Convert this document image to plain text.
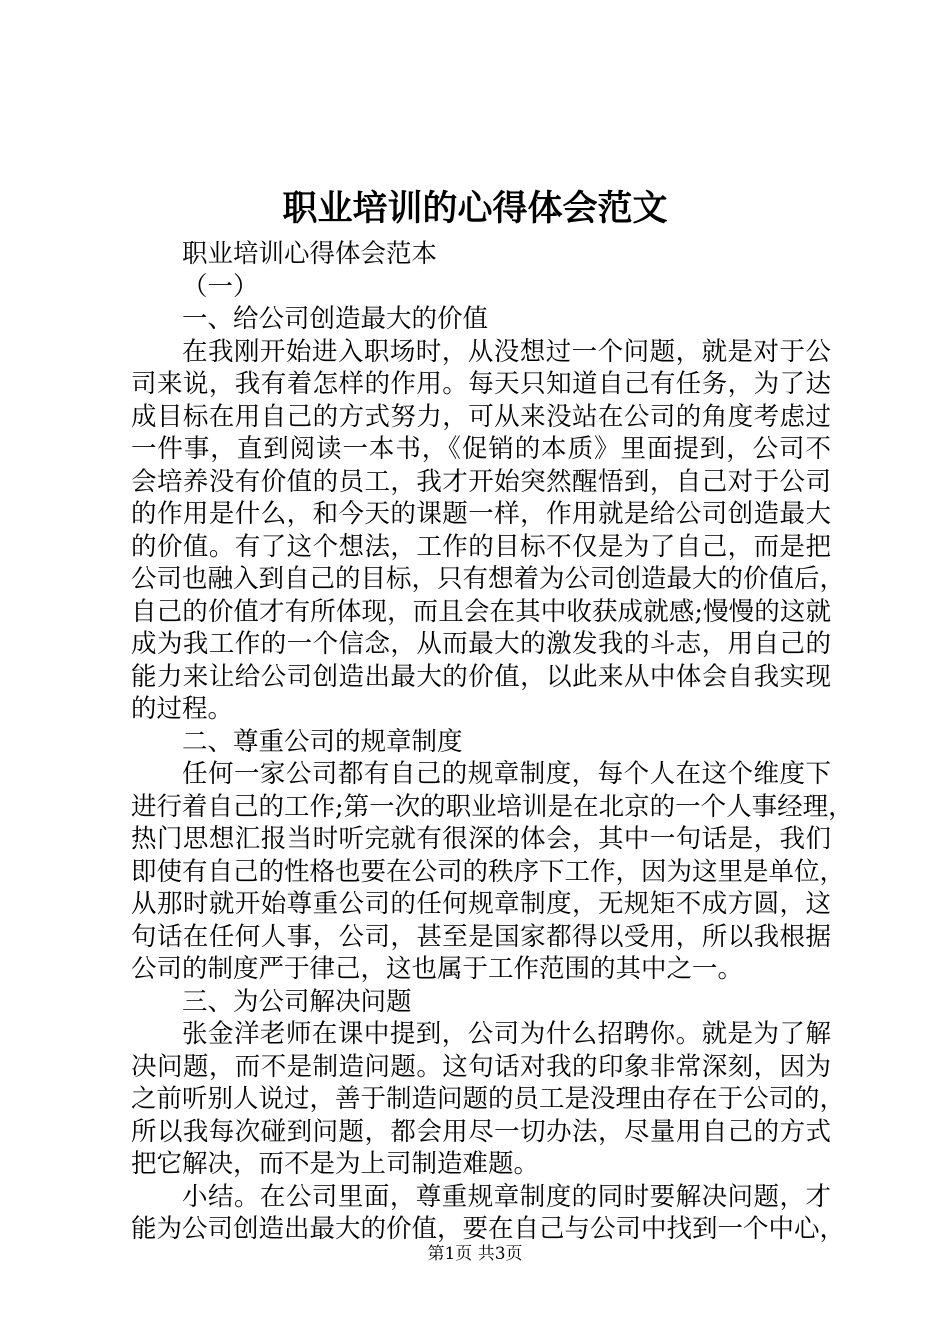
职业培训的心得体会范文
职业培训心得体会范本
（一）
一、给公司创造最大的价值
在我刚开始进入职场时，从没想过一个问题，就是对于公
司来说，我有着怎样的作用。每天只知道自己有任务，为了达
成目标在用自己的方式努力，可从来没站在公司的角度考虑过
一件事，直到阅读一本书，《促销的本质》里面提到，公司不
会培养没有价值的员工，我才开始突然醒悟到，自己对于公司
的作用是什么，和今天的课题一样，作用就是给公司创造最大
的价值。有了这个想法，工作的目标不仅是为了自己，而是把
公司也融入到自己的目标，只有想着为公司创造最大的价值后，
自己的价值才有所体现，而且会在其中收获成就感;慢慢的这就
成为我工作的一个信念，从而最大的激发我的斗志，用自己的
能力来让给公司创造出最大的价值，以此来从中体会自我实现
的过程。
二、尊重公司的规章制度
任何一家公司都有自己的规章制度，每个人在这个维度下
进行着自己的工作;第一次的职业培训是在北京的一个人事经理，
热门思想汇报当时听完就有很深的体会，其中一句话是，我们
即使有自己的性格也要在公司的秩序下工作，因为这里是单位，
从那时就开始尊重公司的任何规章制度，无规矩不成方圆，这
句话在任何人事，公司，甚至是国家都得以受用，所以我根据
公司的制度严于律己，这也属于工作范围的其中之一。
三、为公司解决问题
张金洋老师在课中提到，公司为什么招聘你。就是为了解
决问题，而不是制造问题。这句话对我的印象非常深刻，因为
之前听别人说过，善于制造问题的员工是没理由存在于公司的，
所以我每次碰到问题，都会用尽一切办法，尽量用自己的方式
把它解决，而不是为上司制造难题。
小结。在公司里面，尊重规章制度的同时要解决问题，才
能为公司创造出最大的价值，要在自己与公司中找到一个中心，
第1页 共3页
